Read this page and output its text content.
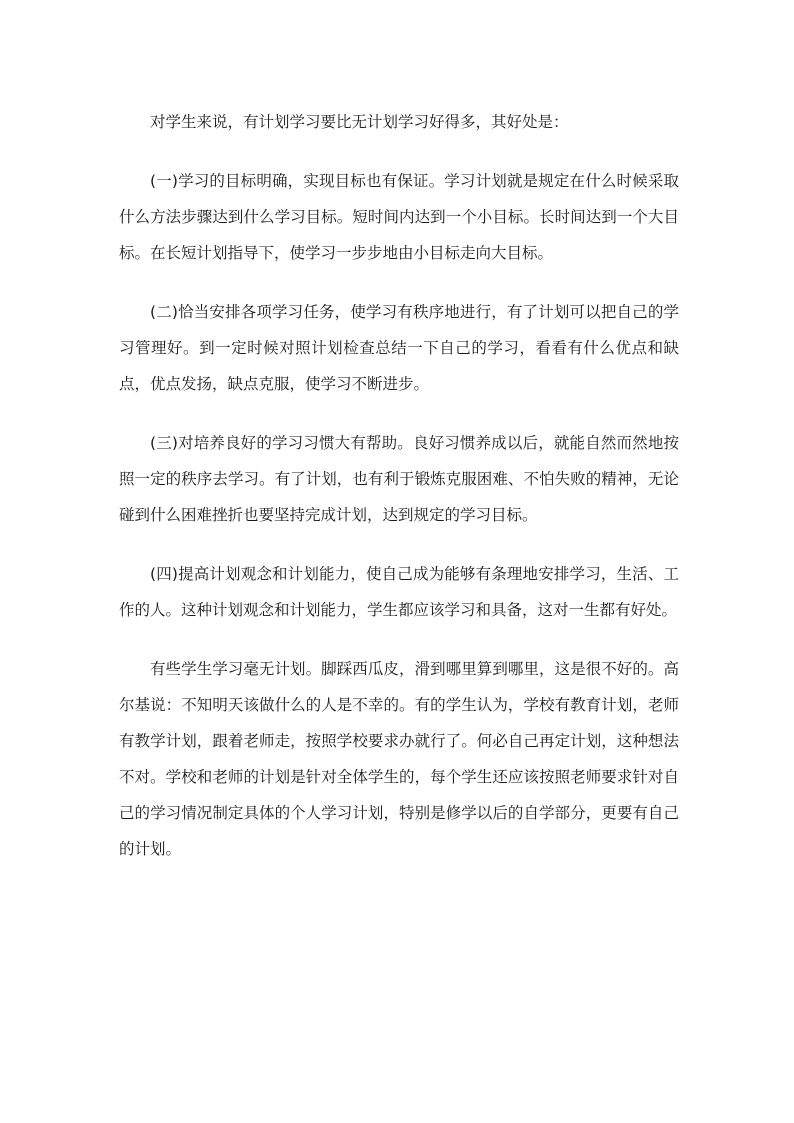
对学生来说，有计划学习要比无计划学习好得多，其好处是：

(一)学习的目标明确，实现目标也有保证。学习计划就是规定在什么时候采取什么方法步骤达到什么学习目标。短时间内达到一个小目标。长时间达到一个大目标。在长短计划指导下，使学习一步步地由小目标走向大目标。

(二)恰当安排各项学习任务，使学习有秩序地进行，有了计划可以把自己的学习管理好。到一定时候对照计划检查总结一下自己的学习，看看有什么优点和缺点，优点发扬，缺点克服，使学习不断进步。

(三)对培养良好的学习习惯大有帮助。良好习惯养成以后，就能自然而然地按照一定的秩序去学习。有了计划，也有利于锻炼克服困难、不怕失败的精神，无论碰到什么困难挫折也要坚持完成计划，达到规定的学习目标。

(四)提高计划观念和计划能力，使自己成为能够有条理地安排学习，生活、工作的人。这种计划观念和计划能力，学生都应该学习和具备，这对一生都有好处。

有些学生学习毫无计划。脚踩西瓜皮，滑到哪里算到哪里，这是很不好的。高尔基说：不知明天该做什么的人是不幸的。有的学生认为，学校有教育计划，老师有教学计划，跟着老师走，按照学校要求办就行了。何必自己再定计划，这种想法不对。学校和老师的计划是针对全体学生的，每个学生还应该按照老师要求针对自己的学习情况制定具体的个人学习计划，特别是修学以后的自学部分，更要有自己的计划。
